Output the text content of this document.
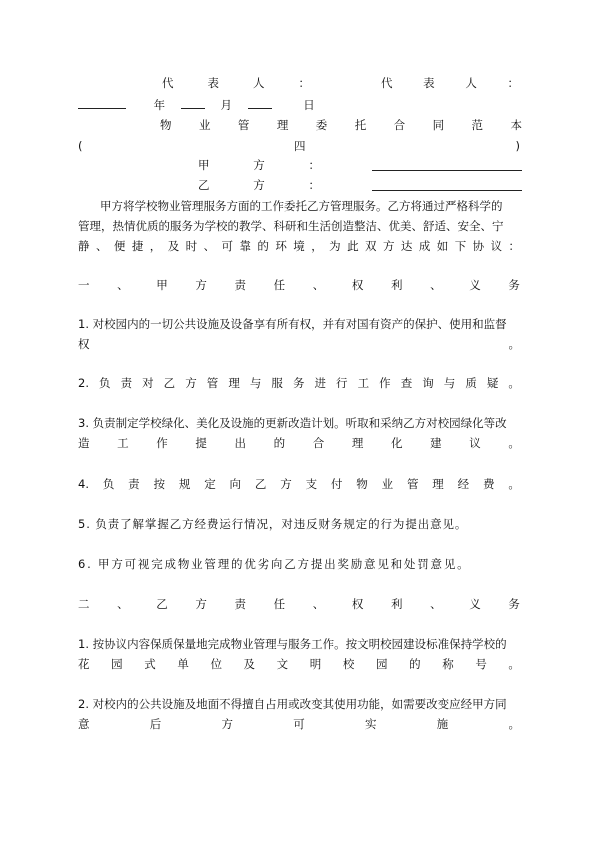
代	表	人	：	代	表	人	：
年	月	日
物 业 管 理 委 托 合 同 范 本
(	四	)
甲	方	：
乙	方	：
甲方将学校物业管理服务方面的工作委托乙方管理服务。乙方将通过严格科学的
管理，热情优质的服务为学校的教学、科研和生活创造整洁、优美、舒适、安全、宁
静 、 便 捷 ， 及 时 、 可 靠 的 环 境 ， 为 此 双 方 达 成 如 下 协 议 ：
一 、 甲 方 责 任 、 权 利 、 义 务
1. 对校园内的一切公共设施及设备享有所有权，并有对国有资产的保护、使用和监督
权	。
2. 负 责 对 乙 方 管 理 与 服 务 进 行 工 作 查 询 与 质 疑 。
3. 负责制定学校绿化、美化及设施的更新改造计划。听取和采纳乙方对校园绿化等改
造 工 作 提 出 的 合 理 化 建 议 。
4. 负 责 按 规 定 向 乙 方 支 付 物 业 管 理 经 费 。
5. 负责了解掌握乙方经费运行情况，对违反财务规定的行为提出意见。
6. 甲方可视完成物业管理的优劣向乙方提出奖励意见和处罚意见。
二 、 乙 方 责 任 、 权 利 、 义 务
1. 按协议内容保质保量地完成物业管理与服务工作。按文明校园建设标准保持学校的
花 园 式 单 位 及 文 明 校 园 的 称 号 。
2. 对校内的公共设施及地面不得擅自占用或改变其使用功能，如需要改变应经甲方同
意	后	方	可	实	施	。
